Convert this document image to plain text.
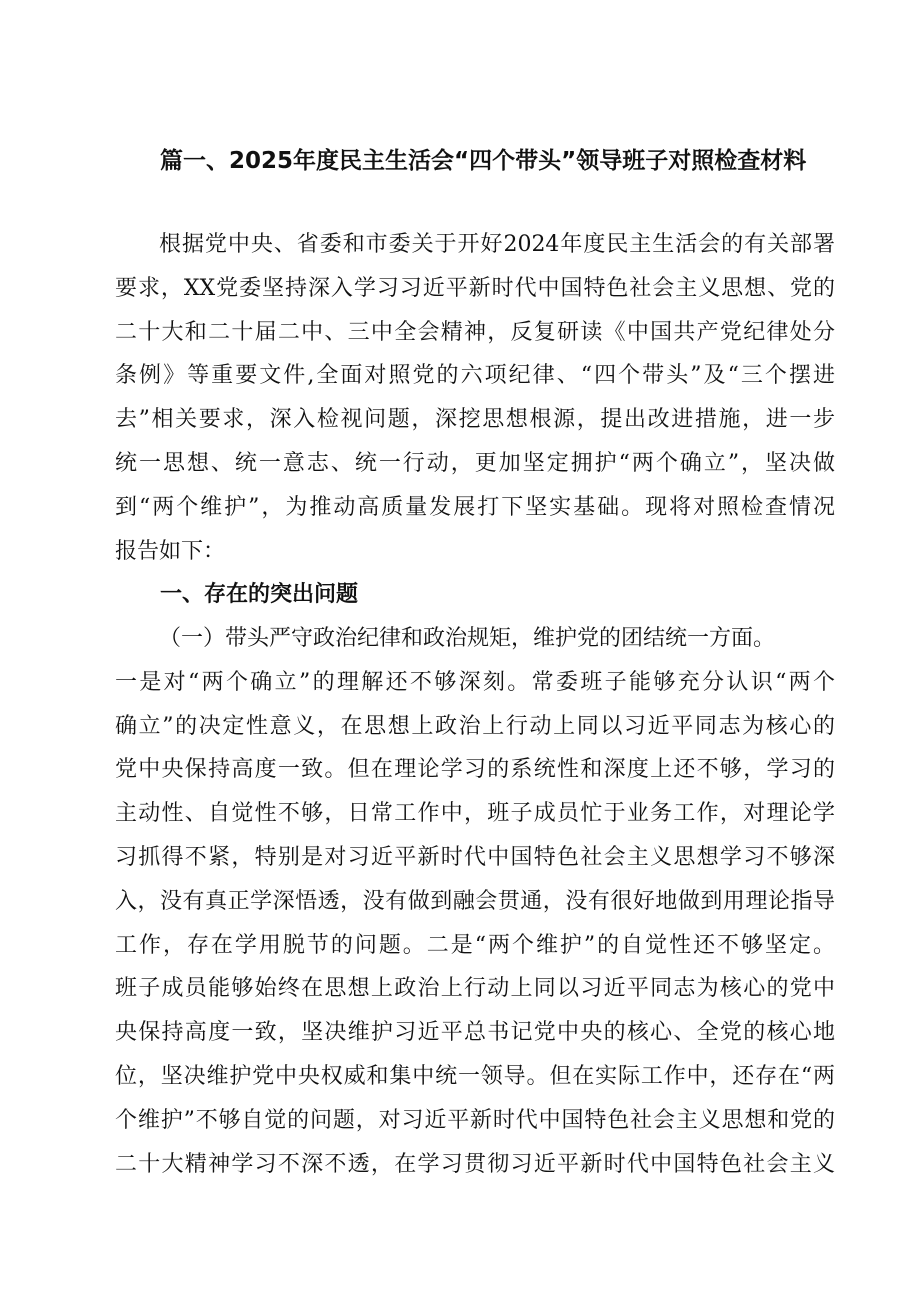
篇一、2025年度民主生活会“四个带头”领导班子对照检查材料
根据党中央、省委和市委关于开好2024年度民主生活会的有关部署
要求，XX党委坚持深入学习习近平新时代中国特色社会主义思想、党的
二十大和二十届二中、三中全会精神，反复研读《中国共产党纪律处分
条例》等重要文件,全面对照党的六项纪律、“四个带头”及“三个摆进
去”相关要求，深入检视问题，深挖思想根源，提出改进措施，进一步
统一思想、统一意志、统一行动，更加坚定拥护“两个确立”，坚决做
到“两个维护”，为推动高质量发展打下坚实基础。现将对照检查情况
报告如下：
一、存在的突出问题
（一）带头严守政治纪律和政治规矩，维护党的团结统一方面。
一是对“两个确立”的理解还不够深刻。常委班子能够充分认识“两个
确立”的决定性意义，在思想上政治上行动上同以习近平同志为核心的
党中央保持高度一致。但在理论学习的系统性和深度上还不够，学习的
主动性、自觉性不够，日常工作中，班子成员忙于业务工作，对理论学
习抓得不紧，特别是对习近平新时代中国特色社会主义思想学习不够深
入，没有真正学深悟透，没有做到融会贯通，没有很好地做到用理论指导
工作，存在学用脱节的问题。二是“两个维护”的自觉性还不够坚定。
班子成员能够始终在思想上政治上行动上同以习近平同志为核心的党中
央保持高度一致，坚决维护习近平总书记党中央的核心、全党的核心地
位，坚决维护党中央权威和集中统一领导。但在实际工作中，还存在“两
个维护”不够自觉的问题，对习近平新时代中国特色社会主义思想和党的
二十大精神学习不深不透，在学习贯彻习近平新时代中国特色社会主义
